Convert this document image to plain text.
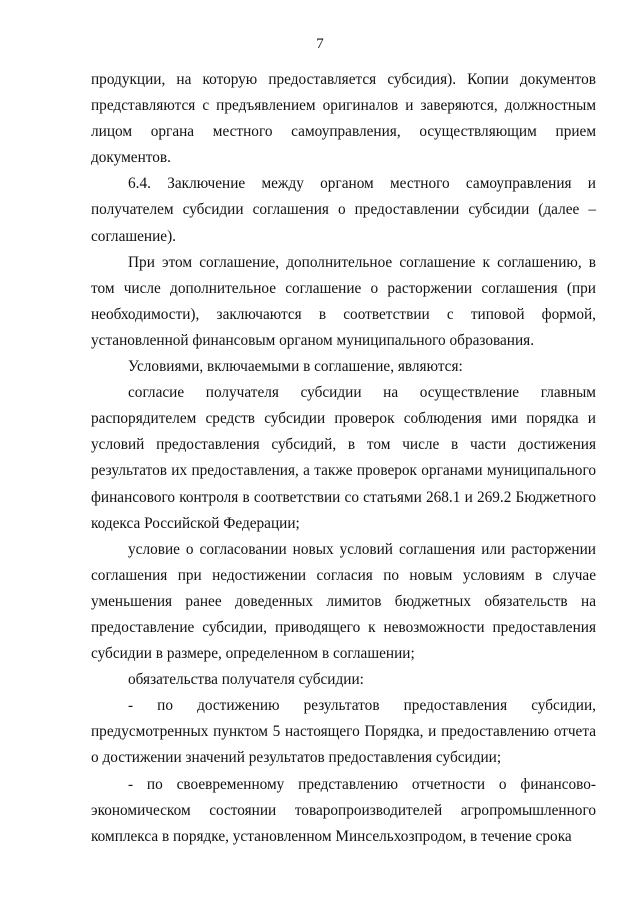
7

продукции, на которую предоставляется субсидия). Копии документов представляются с предъявлением оригиналов и заверяются, должностным лицом органа местного самоуправления, осуществляющим прием документов.

6.4. Заключение между органом местного самоуправления и получателем субсидии соглашения о предоставлении субсидии (далее – соглашение).

При этом соглашение, дополнительное соглашение к соглашению, в том числе дополнительное соглашение о расторжении соглашения (при необходимости), заключаются в соответствии с типовой формой, установленной финансовым органом муниципального образования.

Условиями, включаемыми в соглашение, являются:

согласие получателя субсидии на осуществление главным распорядителем средств субсидии проверок соблюдения ими порядка и условий предоставления субсидий, в том числе в части достижения результатов их предоставления, а также проверок органами муниципального финансового контроля в соответствии со статьями 268.1 и 269.2 Бюджетного кодекса Российской Федерации;

условие о согласовании новых условий соглашения или расторжении соглашения при недостижении согласия по новым условиям в случае уменьшения ранее доведенных лимитов бюджетных обязательств на предоставление субсидии, приводящего к невозможности предоставления субсидии в размере, определенном в соглашении;

обязательства получателя субсидии:

- по достижению результатов предоставления субсидии, предусмотренных пунктом 5 настоящего Порядка, и предоставлению отчета о достижении значений результатов предоставления субсидии;

- по своевременному представлению отчетности о финансово-экономическом состоянии товаропроизводителей агропромышленного комплекса в порядке, установленном Минсельхозпродом, в течение срока
